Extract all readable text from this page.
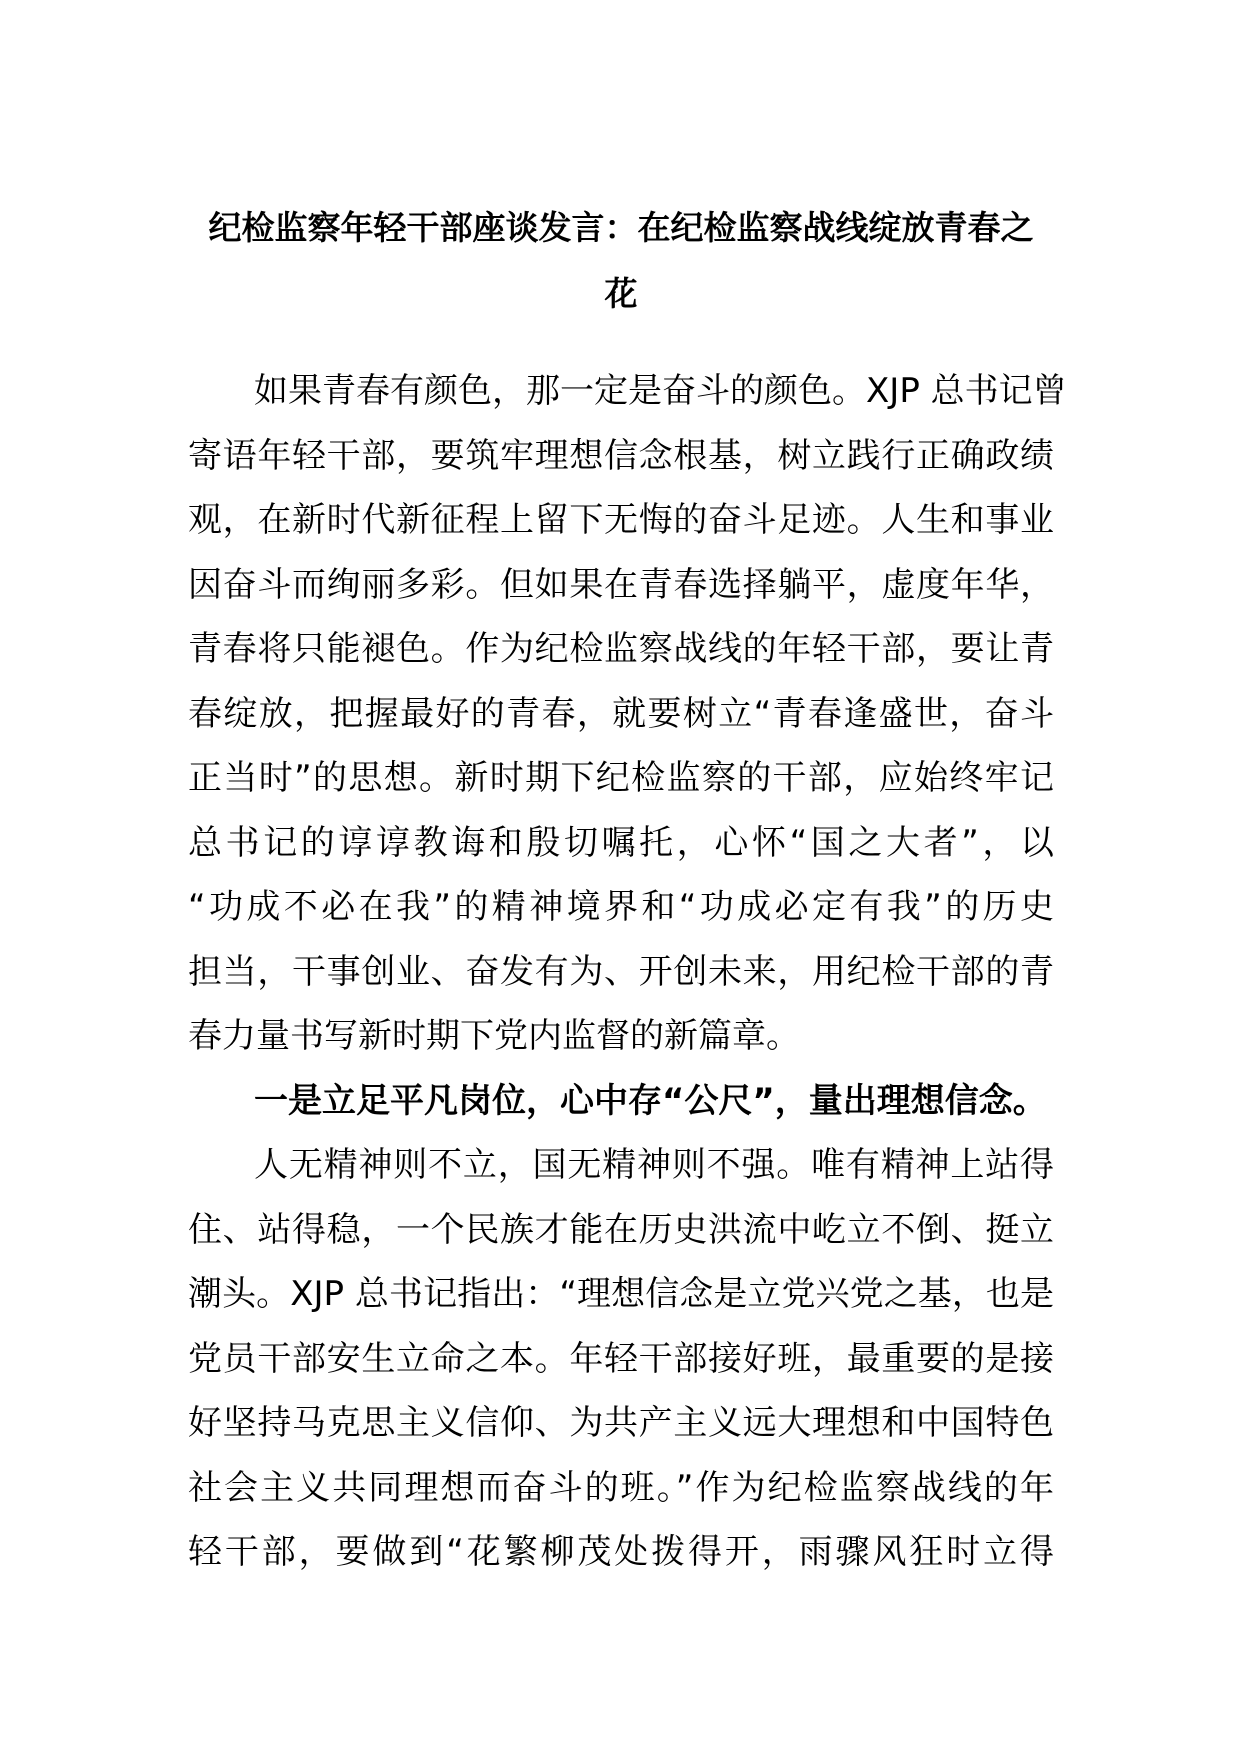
纪检监察年轻干部座谈发言：在纪检监察战线绽放青春之
花
如果青春有颜色，那一定是奋斗的颜色。XJP 总书记曾
寄语年轻干部，要筑牢理想信念根基，树立践行正确政绩
观，在新时代新征程上留下无悔的奋斗足迹。人生和事业
因奋斗而绚丽多彩。但如果在青春选择躺平，虚度年华，
青春将只能褪色。作为纪检监察战线的年轻干部，要让青
春绽放，把握最好的青春，就要树立“青春逢盛世，奋斗
正当时”的思想。新时期下纪检监察的干部，应始终牢记
总书记的谆谆教诲和殷切嘱托，心怀“国之大者”，以
“功成不必在我”的精神境界和“功成必定有我”的历史
担当，干事创业、奋发有为、开创未来，用纪检干部的青
春力量书写新时期下党内监督的新篇章。
一是立足平凡岗位，心中存“公尺”，量出理想信念。
人无精神则不立，国无精神则不强。唯有精神上站得
住、站得稳，一个民族才能在历史洪流中屹立不倒、挺立
潮头。XJP 总书记指出：“理想信念是立党兴党之基，也是
党员干部安生立命之本。年轻干部接好班，最重要的是接
好坚持马克思主义信仰、为共产主义远大理想和中国特色
社会主义共同理想而奋斗的班。”作为纪检监察战线的年
轻干部，要做到“花繁柳茂处拨得开，雨骤风狂时立得
